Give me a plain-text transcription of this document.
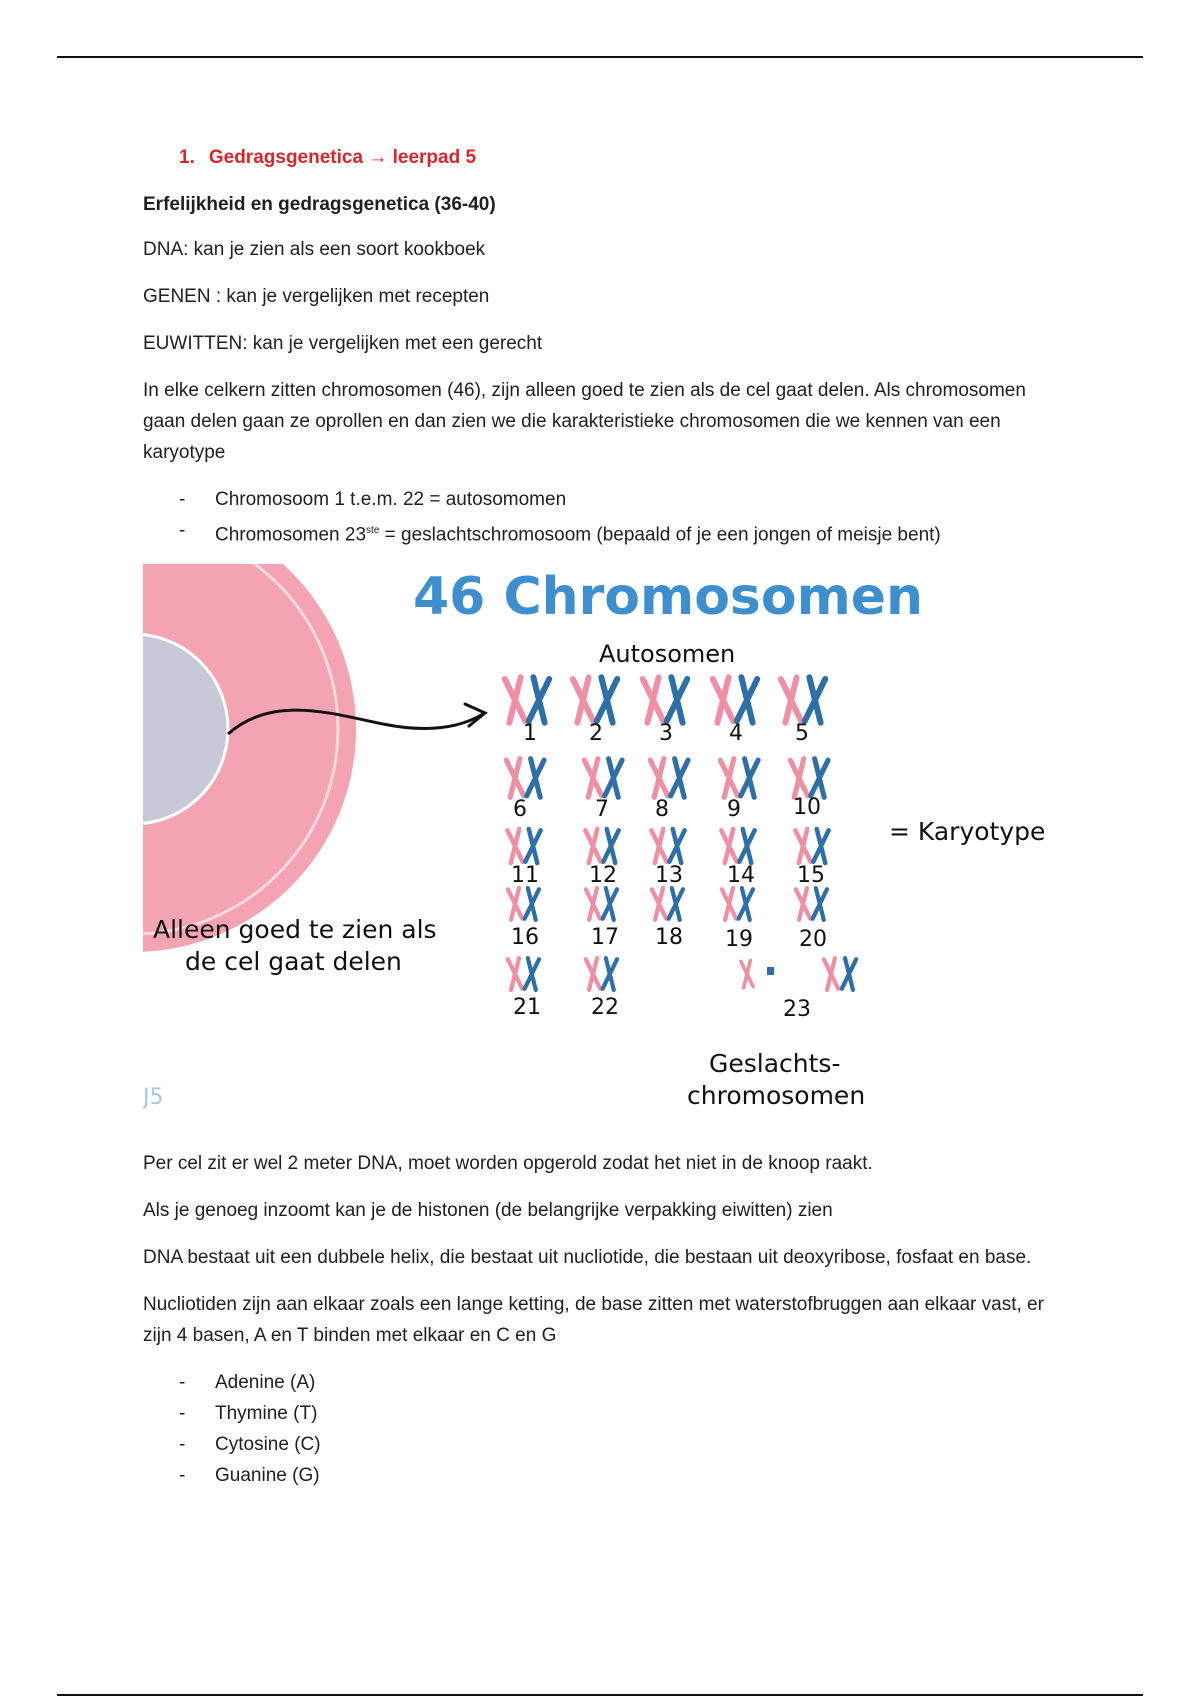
1. Gedragsgenetica → leerpad 5
Erfelijkheid en gedragsgenetica (36-40)

DNA: kan je zien als een soort kookboek

GENEN : kan je vergelijken met recepten

EUWITTEN: kan je vergelijken met een gerecht

In elke celkern zitten chromosomen (46), zijn alleen goed te zien als de cel gaat delen. Als chromosomen gaan delen gaan ze oprollen en dan zien we die karakteristieke chromosomen die we kennen van een karyotype

- Chromosoom 1 t.e.m. 22 = autosomomen
- Chromosomen 23ste = geslachtschromosoom (bepaald of je een jongen of meisje bent)
46 Chromosomen
Autosomen
= Karyotype
Alleen goed te zien als
de cel gaat delen
Geslachts-
chromosomen
1 2	3	4 5
6	7 8	9 10
11 12 13 14 15
16 17 18 19 20
21 22	23
J5

Per cel zit er wel 2 meter DNA, moet worden opgerold zodat het niet in de knoop raakt.

Als je genoeg inzoomt kan je de histonen (de belangrijke verpakking eiwitten) zien

DNA bestaat uit een dubbele helix, die bestaat uit nucliotide, die bestaan uit deoxyribose, fosfaat en base.

Nucliotiden zijn aan elkaar zoals een lange ketting, de base zitten met waterstofbruggen aan elkaar vast, er zijn 4 basen, A en T binden met elkaar en C en G

- Adenine (A)
- Thymine (T)
- Cytosine (C)
- Guanine (G)
